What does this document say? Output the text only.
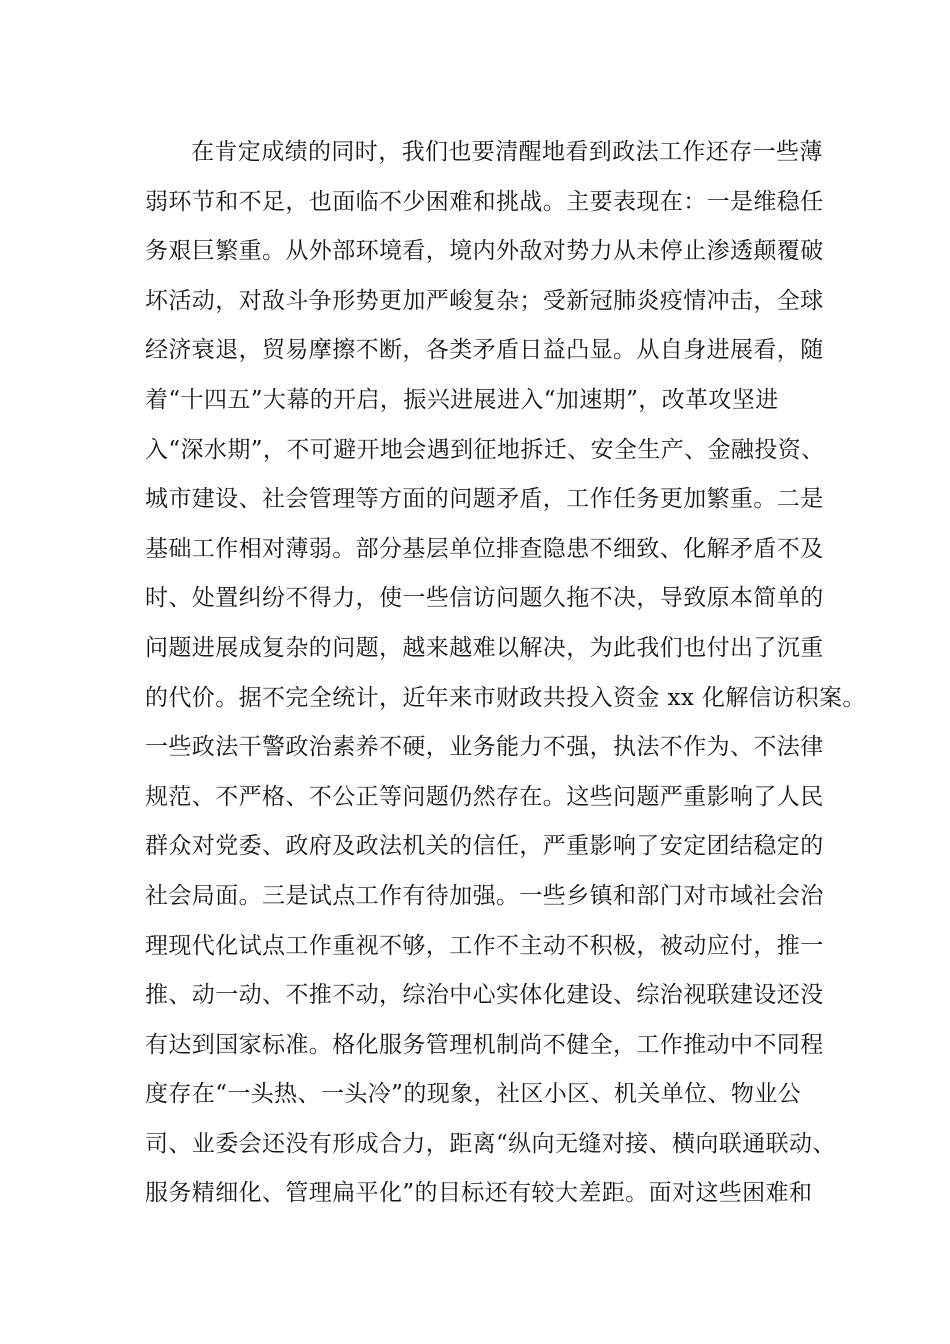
在肯定成绩的同时，我们也要清醒地看到政法工作还存一些薄
弱环节和不足，也面临不少困难和挑战。主要表现在：一是维稳任
务艰巨繁重。从外部环境看，境内外敌对势力从未停止渗透颠覆破
坏活动，对敌斗争形势更加严峻复杂；受新冠肺炎疫情冲击，全球
经济衰退，贸易摩擦不断，各类矛盾日益凸显。从自身进展看，随
着“十四五”大幕的开启，振兴进展进入“加速期”，改革攻坚进
入“深水期”，不可避开地会遇到征地拆迁、安全生产、金融投资、
城市建设、社会管理等方面的问题矛盾，工作任务更加繁重。二是
基础工作相对薄弱。部分基层单位排查隐患不细致、化解矛盾不及
时、处置纠纷不得力，使一些信访问题久拖不决，导致原本简单的
问题进展成复杂的问题，越来越难以解决，为此我们也付出了沉重
的代价。据不完全统计，近年来市财政共投入资金 xx 化解信访积案。
一些政法干警政治素养不硬，业务能力不强，执法不作为、不法律
规范、不严格、不公正等问题仍然存在。这些问题严重影响了人民
群众对党委、政府及政法机关的信任，严重影响了安定团结稳定的
社会局面。三是试点工作有待加强。一些乡镇和部门对市域社会治
理现代化试点工作重视不够，工作不主动不积极，被动应付，推一
推、动一动、不推不动，综治中心实体化建设、综治视联建设还没
有达到国家标准。格化服务管理机制尚不健全，工作推动中不同程
度存在“一头热、一头冷”的现象，社区小区、机关单位、物业公
司、业委会还没有形成合力，距离“纵向无缝对接、横向联通联动、
服务精细化、管理扁平化”的目标还有较大差距。面对这些困难和
